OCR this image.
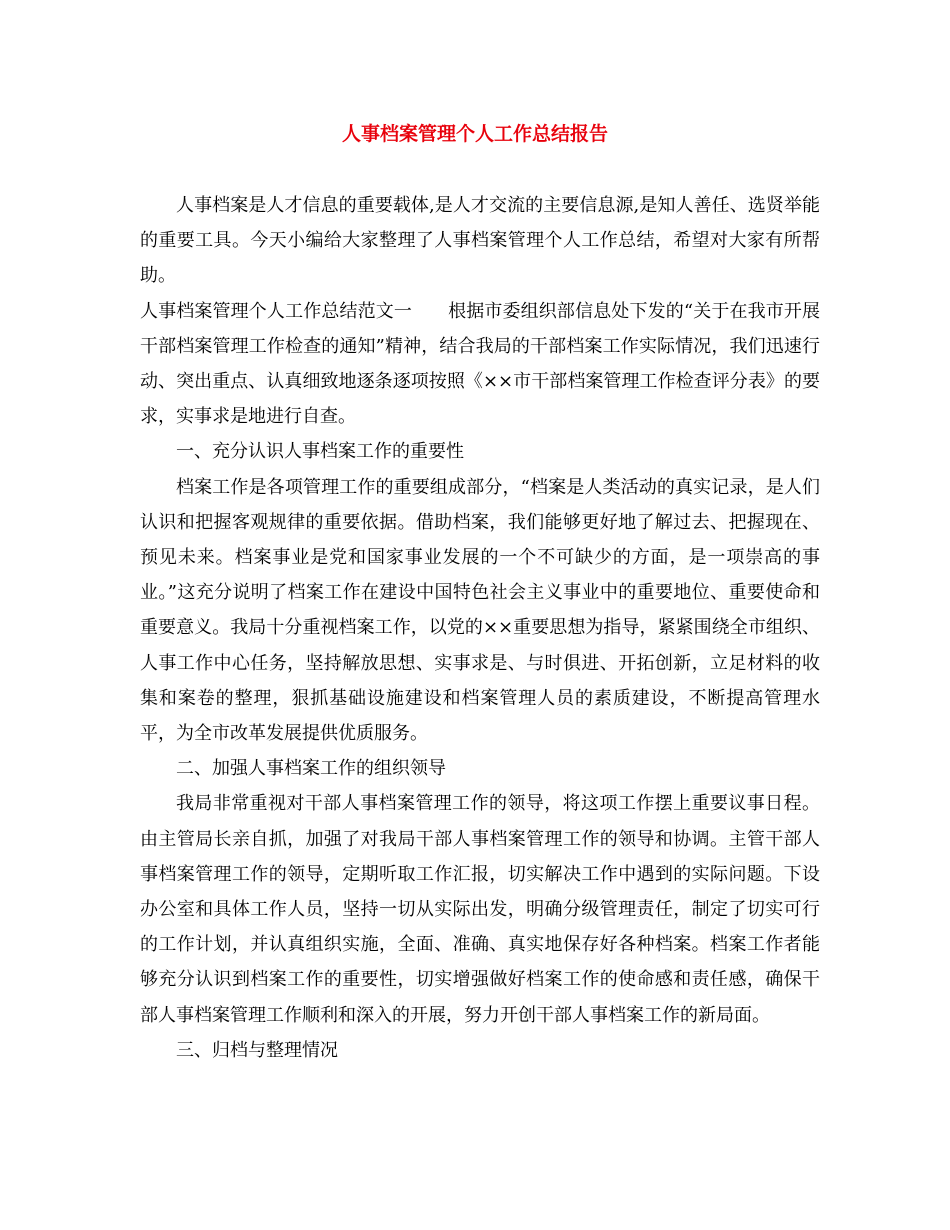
人事档案管理个人工作总结报告

人事档案是人才信息的重要载体,是人才交流的主要信息源,是知人善任、选贤举能的重要工具。今天小编给大家整理了人事档案管理个人工作总结，希望对大家有所帮助。

人事档案管理个人工作总结范文一 根据市委组织部信息处下发的“关于在我市开展干部档案管理工作检查的通知”精神，结合我局的干部档案工作实际情况，我们迅速行动、突出重点、认真细致地逐条逐项按照《××市干部档案管理工作检查评分表》的要求，实事求是地进行自查。

一、充分认识人事档案工作的重要性

档案工作是各项管理工作的重要组成部分，“档案是人类活动的真实记录，是人们认识和把握客观规律的重要依据。借助档案，我们能够更好地了解过去、把握现在、预见未来。档案事业是党和国家事业发展的一个不可缺少的方面，是一项崇高的事业。”这充分说明了档案工作在建设中国特色社会主义事业中的重要地位、重要使命和重要意义。我局十分重视档案工作，以党的××重要思想为指导，紧紧围绕全市组织、人事工作中心任务，坚持解放思想、实事求是、与时俱进、开拓创新，立足材料的收集和案卷的整理，狠抓基础设施建设和档案管理人员的素质建设，不断提高管理水平，为全市改革发展提供优质服务。

二、加强人事档案工作的组织领导

我局非常重视对干部人事档案管理工作的领导，将这项工作摆上重要议事日程。由主管局长亲自抓，加强了对我局干部人事档案管理工作的领导和协调。主管干部人事档案管理工作的领导，定期听取工作汇报，切实解决工作中遇到的实际问题。下设办公室和具体工作人员，坚持一切从实际出发，明确分级管理责任，制定了切实可行的工作计划，并认真组织实施，全面、准确、真实地保存好各种档案。档案工作者能够充分认识到档案工作的重要性，切实增强做好档案工作的使命感和责任感，确保干部人事档案管理工作顺利和深入的开展，努力开创干部人事档案工作的新局面。

三、归档与整理情况
